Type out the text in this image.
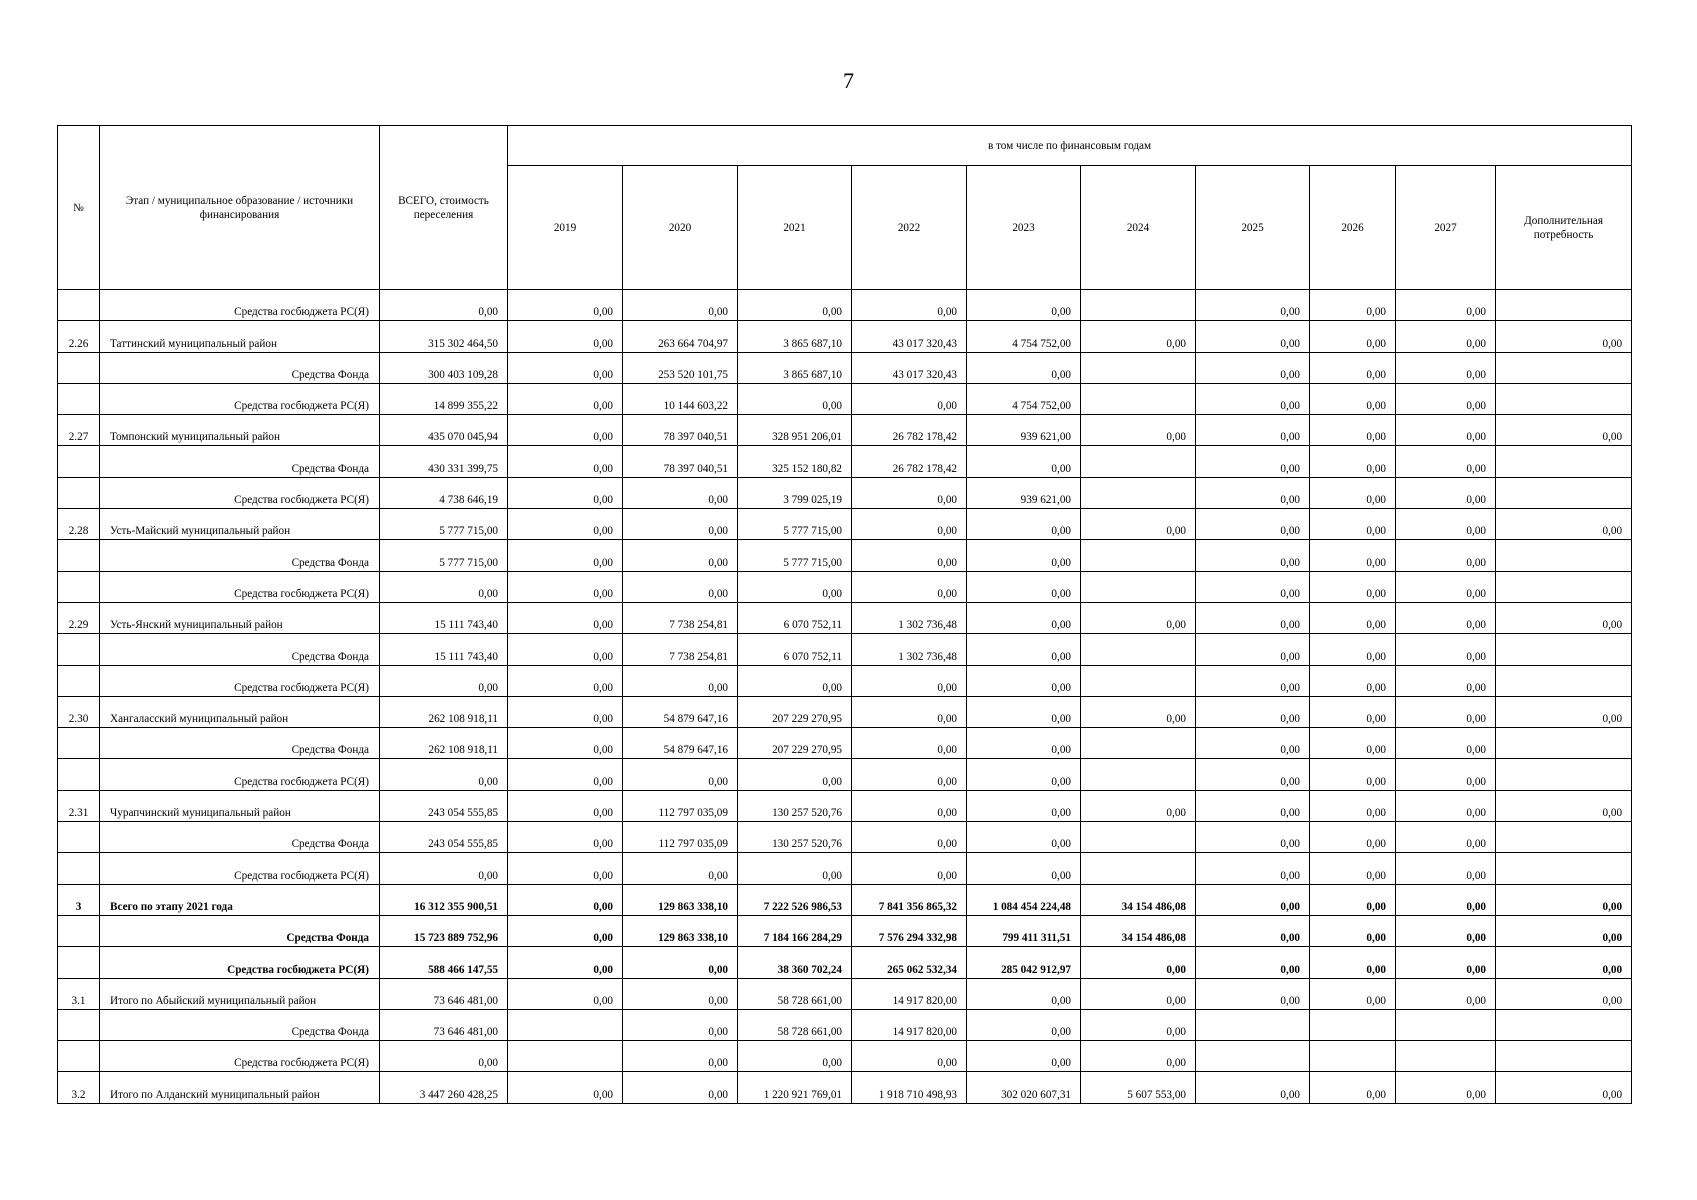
7
№	Этап / муниципальное образование / источники финансирования	ВСЕГО, стоимость переселения	в том числе по финансовым годам									
			2019	2020	2021	2022	2023	2024	2025	2026	2027	Дополнительная потребность
	Средства госбюджета РС(Я)	0,00	0,00	0,00	0,00	0,00	0,00		0,00	0,00	0,00	
2.26	Таттинский муниципальный район	315 302 464,50	0,00	263 664 704,97	3 865 687,10	43 017 320,43	4 754 752,00	0,00	0,00	0,00	0,00	0,00
	Средства Фонда	300 403 109,28	0,00	253 520 101,75	3 865 687,10	43 017 320,43	0,00		0,00	0,00	0,00	
	Средства госбюджета РС(Я)	14 899 355,22	0,00	10 144 603,22	0,00	0,00	4 754 752,00		0,00	0,00	0,00	
2.27	Томпонский муниципальный район	435 070 045,94	0,00	78 397 040,51	328 951 206,01	26 782 178,42	939 621,00	0,00	0,00	0,00	0,00	0,00
	Средства Фонда	430 331 399,75	0,00	78 397 040,51	325 152 180,82	26 782 178,42	0,00		0,00	0,00	0,00	
	Средства госбюджета РС(Я)	4 738 646,19	0,00	0,00	3 799 025,19	0,00	939 621,00		0,00	0,00	0,00	
2.28	Усть-Майский муниципальный район	5 777 715,00	0,00	0,00	5 777 715,00	0,00	0,00	0,00	0,00	0,00	0,00	0,00
	Средства Фонда	5 777 715,00	0,00	0,00	5 777 715,00	0,00	0,00		0,00	0,00	0,00	
	Средства госбюджета РС(Я)	0,00	0,00	0,00	0,00	0,00	0,00		0,00	0,00	0,00	
2.29	Усть-Янский муниципальный район	15 111 743,40	0,00	7 738 254,81	6 070 752,11	1 302 736,48	0,00	0,00	0,00	0,00	0,00	0,00
	Средства Фонда	15 111 743,40	0,00	7 738 254,81	6 070 752,11	1 302 736,48	0,00		0,00	0,00	0,00	
	Средства госбюджета РС(Я)	0,00	0,00	0,00	0,00	0,00	0,00		0,00	0,00	0,00	
2.30	Хангаласский муниципальный район	262 108 918,11	0,00	54 879 647,16	207 229 270,95	0,00	0,00	0,00	0,00	0,00	0,00	0,00
	Средства Фонда	262 108 918,11	0,00	54 879 647,16	207 229 270,95	0,00	0,00		0,00	0,00	0,00	
	Средства госбюджета РС(Я)	0,00	0,00	0,00	0,00	0,00	0,00		0,00	0,00	0,00	
2.31	Чурапчинский муниципальный район	243 054 555,85	0,00	112 797 035,09	130 257 520,76	0,00	0,00	0,00	0,00	0,00	0,00	0,00
	Средства Фонда	243 054 555,85	0,00	112 797 035,09	130 257 520,76	0,00	0,00		0,00	0,00	0,00	
	Средства госбюджета РС(Я)	0,00	0,00	0,00	0,00	0,00	0,00		0,00	0,00	0,00	
3	Всего по этапу 2021 года	16 312 355 900,51	0,00	129 863 338,10	7 222 526 986,53	7 841 356 865,32	1 084 454 224,48	34 154 486,08	0,00	0,00	0,00	0,00
	Средства Фонда	15 723 889 752,96	0,00	129 863 338,10	7 184 166 284,29	7 576 294 332,98	799 411 311,51	34 154 486,08	0,00	0,00	0,00	0,00
	Средства госбюджета РС(Я)	588 466 147,55	0,00	0,00	38 360 702,24	265 062 532,34	285 042 912,97	0,00	0,00	0,00	0,00	0,00
3.1	Итого по Абыйский муниципальный район	73 646 481,00	0,00	0,00	58 728 661,00	14 917 820,00	0,00	0,00	0,00	0,00	0,00	0,00
	Средства Фонда	73 646 481,00		0,00	58 728 661,00	14 917 820,00	0,00	0,00				
	Средства госбюджета РС(Я)	0,00		0,00	0,00	0,00	0,00	0,00				
3.2	Итого по Алданский муниципальный район	3 447 260 428,25	0,00	0,00	1 220 921 769,01	1 918 710 498,93	302 020 607,31	5 607 553,00	0,00	0,00	0,00	0,00
